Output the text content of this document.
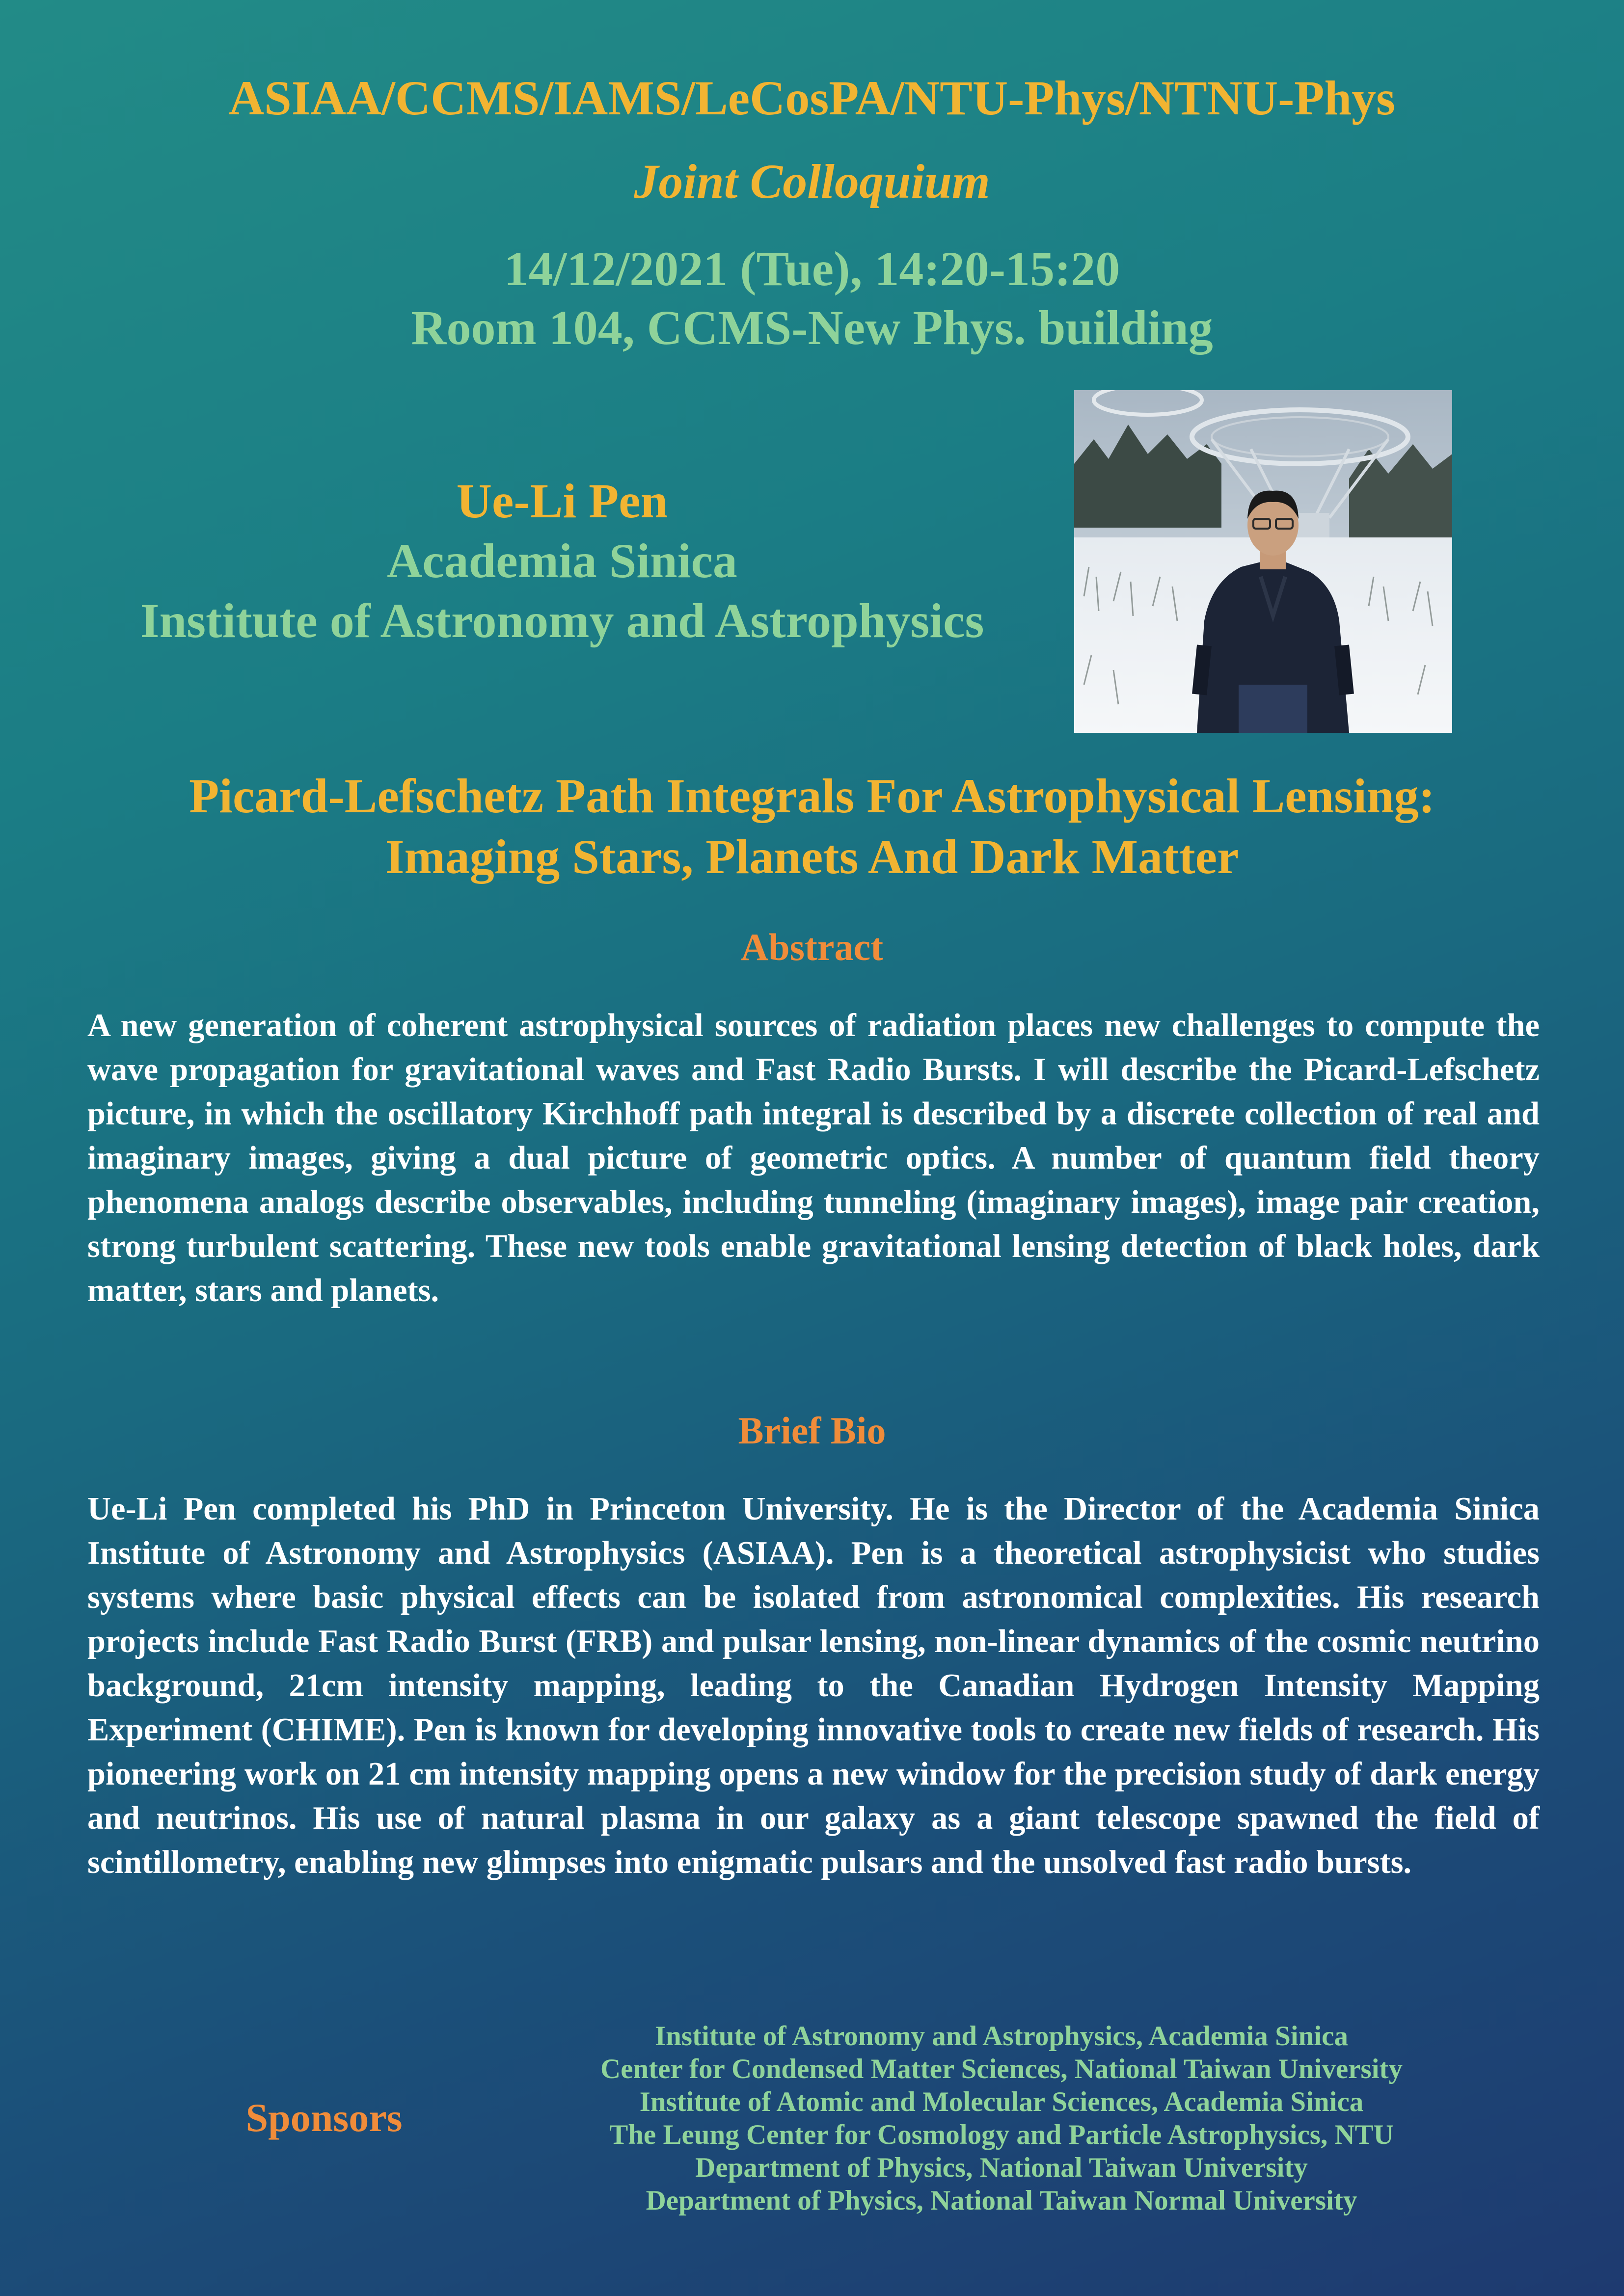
ASIAA/CCMS/IAMS/LeCosPA/NTU-Phys/NTNU-Phys

Joint Colloquium

14/12/2021 (Tue), 14:20-15:20

Room 104, CCMS-New Phys. building

Ue-Li Pen
Academia Sinica
Institute of Astronomy and Astrophysics

Picard-Lefschetz Path Integrals For Astrophysical Lensing:

Imaging Stars, Planets And Dark Matter

Abstract

A new generation of coherent astrophysical sources of radiation places new challenges to compute the wave propagation for gravitational waves and Fast Radio Bursts. I will describe the Picard-Lefschetz picture, in which the oscillatory Kirchhoff path integral is described by a discrete collection of real and imaginary images, giving a dual picture of geometric optics. A number of quantum field theory phenomena analogs describe observables, including tunneling (imaginary images), image pair creation, strong turbulent scattering. These new tools enable gravitational lensing detection of black holes, dark matter, stars and planets.

Brief Bio

Ue-Li Pen completed his PhD in Princeton University. He is the Director of the Academia Sinica Institute of Astronomy and Astrophysics (ASIAA). Pen is a theoretical astrophysicist who studies systems where basic physical effects can be isolated from astronomical complexities. His research projects include Fast Radio Burst (FRB) and pulsar lensing, non-linear dynamics of the cosmic neutrino background, 21cm intensity mapping, leading to the Canadian Hydrogen Intensity Mapping Experiment (CHIME). Pen is known for developing innovative tools to create new fields of research. His pioneering work on 21 cm intensity mapping opens a new window for the precision study of dark energy and neutrinos. His use of natural plasma in our galaxy as a giant telescope spawned the field of scintillometry, enabling new glimpses into enigmatic pulsars and the unsolved fast radio bursts.

Sponsors
Institute of Astronomy and Astrophysics, Academia Sinica
Center for Condensed Matter Sciences, National Taiwan University
Institute of Atomic and Molecular Sciences, Academia Sinica
The Leung Center for Cosmology and Particle Astrophysics, NTU
Department of Physics, National Taiwan University
Department of Physics, National Taiwan Normal University
